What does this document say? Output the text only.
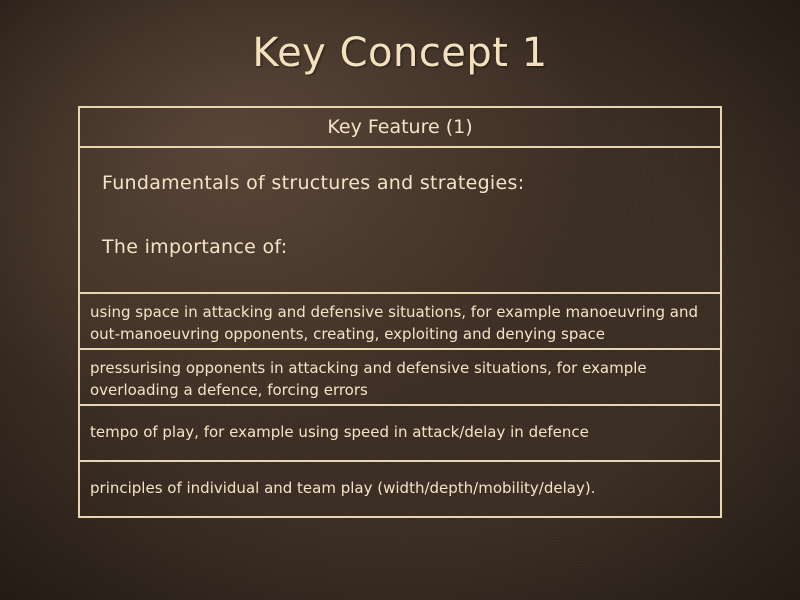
Key Concept 1
Key Feature (1)
Fundamentals of structures and strategies:
The importance of:
using space in attacking and defensive situations, for example manoeuvring and out-manoeuvring opponents, creating, exploiting and denying space
pressurising opponents in attacking and defensive situations, for example overloading a defence, forcing errors
tempo of play, for example using speed in attack/delay in defence
principles of individual and team play (width/depth/mobility/delay).
